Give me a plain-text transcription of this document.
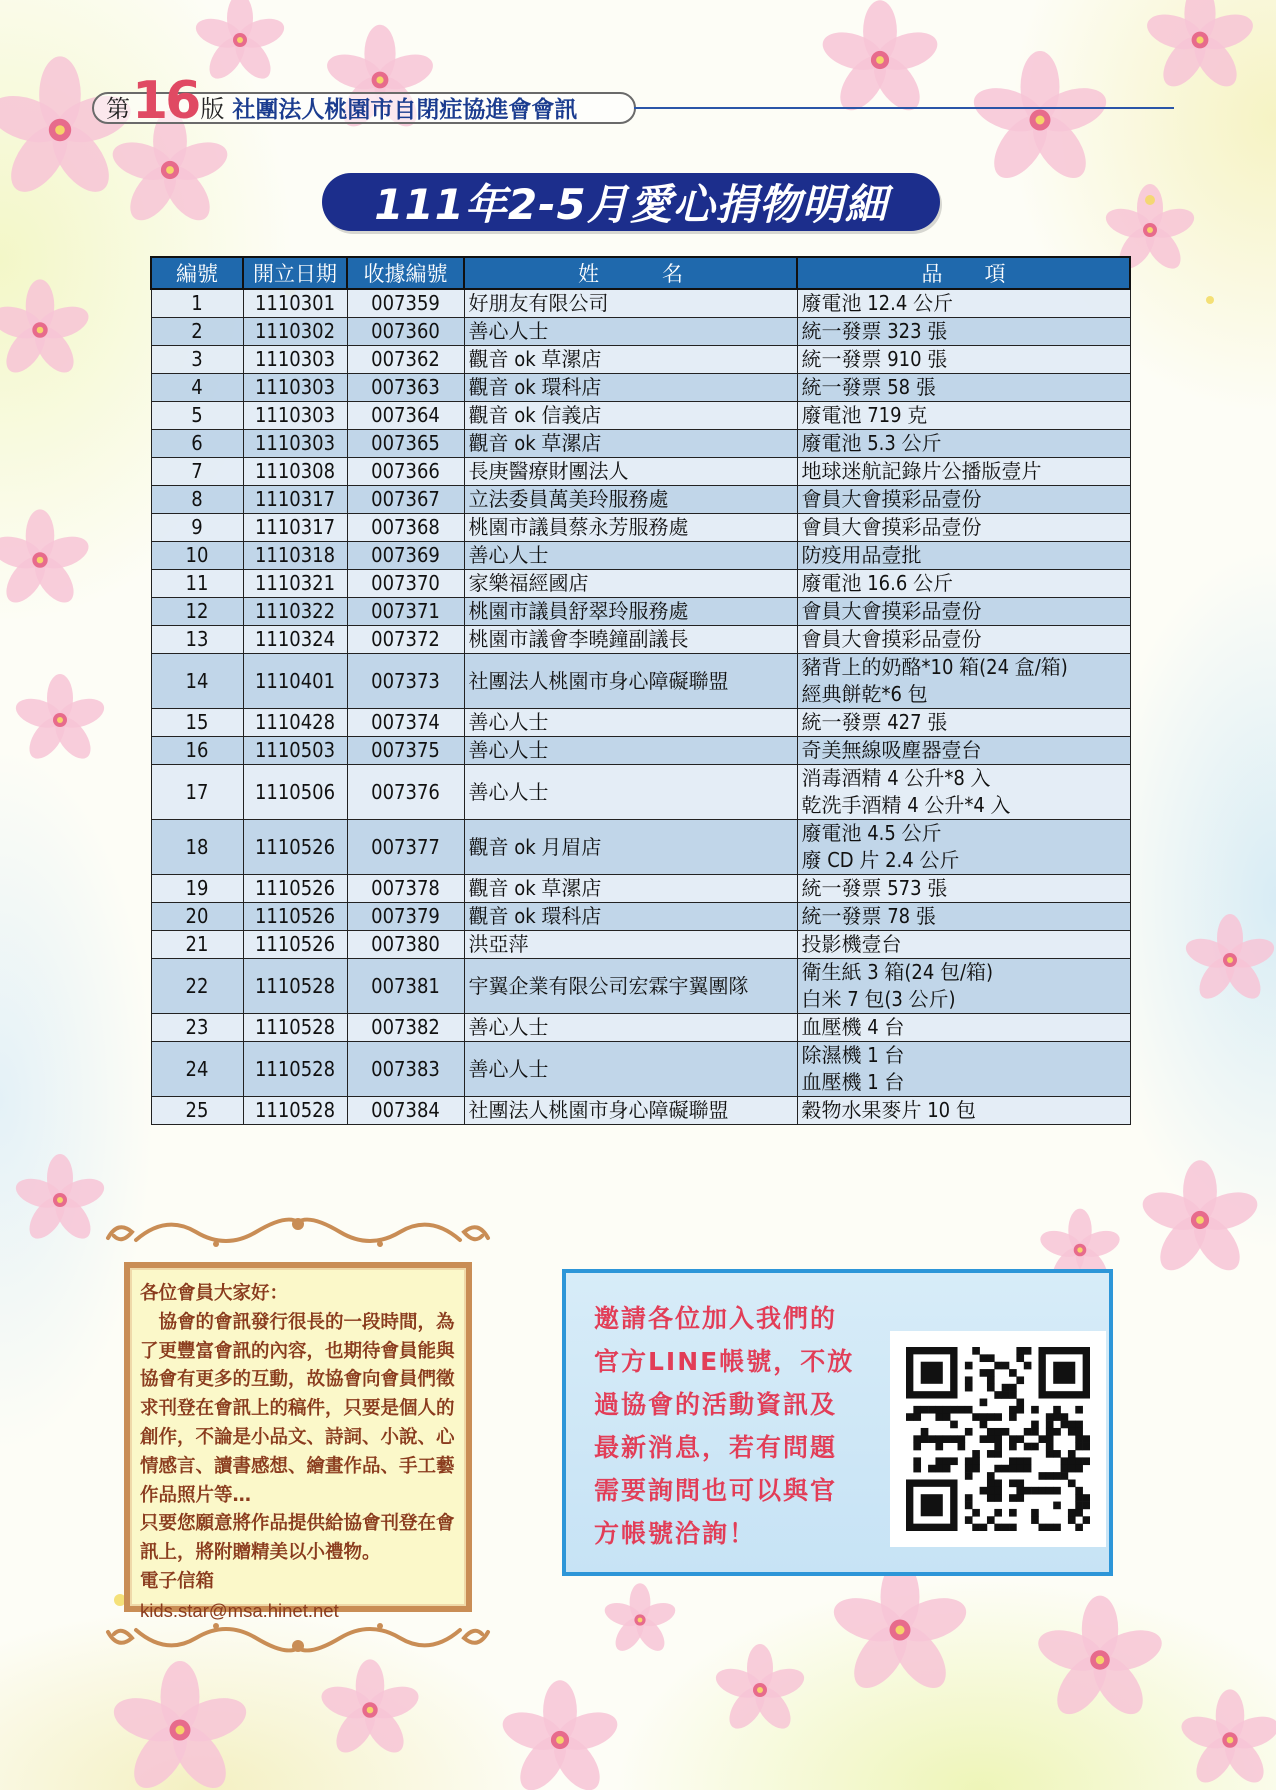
第 16 版 社團法人桃園市自閉症協進會會訊
111年2-5月愛心捐物明細
編號	開立日期	收據編號	姓　　　名	品　　項
1	1110301	007359	好朋友有限公司	廢電池 12.4 公斤

2	1110302	007360	善心人士	統一發票 323 張

3	1110303	007362	觀音 ok 草漯店	統一發票 910 張

4	1110303	007363	觀音 ok 環科店	統一發票 58 張

5	1110303	007364	觀音 ok 信義店	廢電池 719 克

6	1110303	007365	觀音 ok 草漯店	廢電池 5.3 公斤

7	1110308	007366	長庚醫療財團法人	地球迷航記錄片公播版壹片

8	1110317	007367	立法委員萬美玲服務處	會員大會摸彩品壹份

9	1110317	007368	桃園市議員蔡永芳服務處	會員大會摸彩品壹份

10	1110318	007369	善心人士	防疫用品壹批

11	1110321	007370	家樂福經國店	廢電池 16.6 公斤

12	1110322	007371	桃園市議員舒翠玲服務處	會員大會摸彩品壹份

13	1110324	007372	桃園市議會李曉鐘副議長	會員大會摸彩品壹份

14	1110401	007373	社團法人桃園市身心障礙聯盟	豬背上的奶酪*10 箱(24 盒/箱)
經典餅乾*6 包

15	1110428	007374	善心人士	統一發票 427 張

16	1110503	007375	善心人士	奇美無線吸塵器壹台

17	1110506	007376	善心人士	消毒酒精 4 公升*8 入
乾洗手酒精 4 公升*4 入

18	1110526	007377	觀音 ok 月眉店	廢電池 4.5 公斤
廢 CD 片 2.4 公斤

19	1110526	007378	觀音 ok 草漯店	統一發票 573 張

20	1110526	007379	觀音 ok 環科店	統一發票 78 張

21	1110526	007380	洪亞萍	投影機壹台

22	1110528	007381	宇翼企業有限公司宏霖宇翼團隊	衛生紙 3 箱(24 包/箱)
白米 7 包(3 公斤)

23	1110528	007382	善心人士	血壓機 4 台

24	1110528	007383	善心人士	除濕機 1 台
血壓機 1 台

25	1110528	007384	社團法人桃園市身心障礙聯盟	穀物水果麥片 10 包

各位會員大家好：

協會的會訊發行很長的一段時間，為了更豐富會訊的內容，也期待會員能與協會有更多的互動，故協會向會員們徵求刊登在會訊上的稿件，只要是個人的創作，不論是小品文、詩詞、小說、心情感言、讀書感想、繪畫作品、手工藝作品照片等…

只要您願意將作品提供給協會刊登在會訊上，將附贈精美以小禮物。

電子信箱

kids.star@msa.hinet.net

邀請各位加入我們的官方LINE帳號，不放過協會的活動資訊及最新消息，若有問題需要詢問也可以與官方帳號洽詢！
